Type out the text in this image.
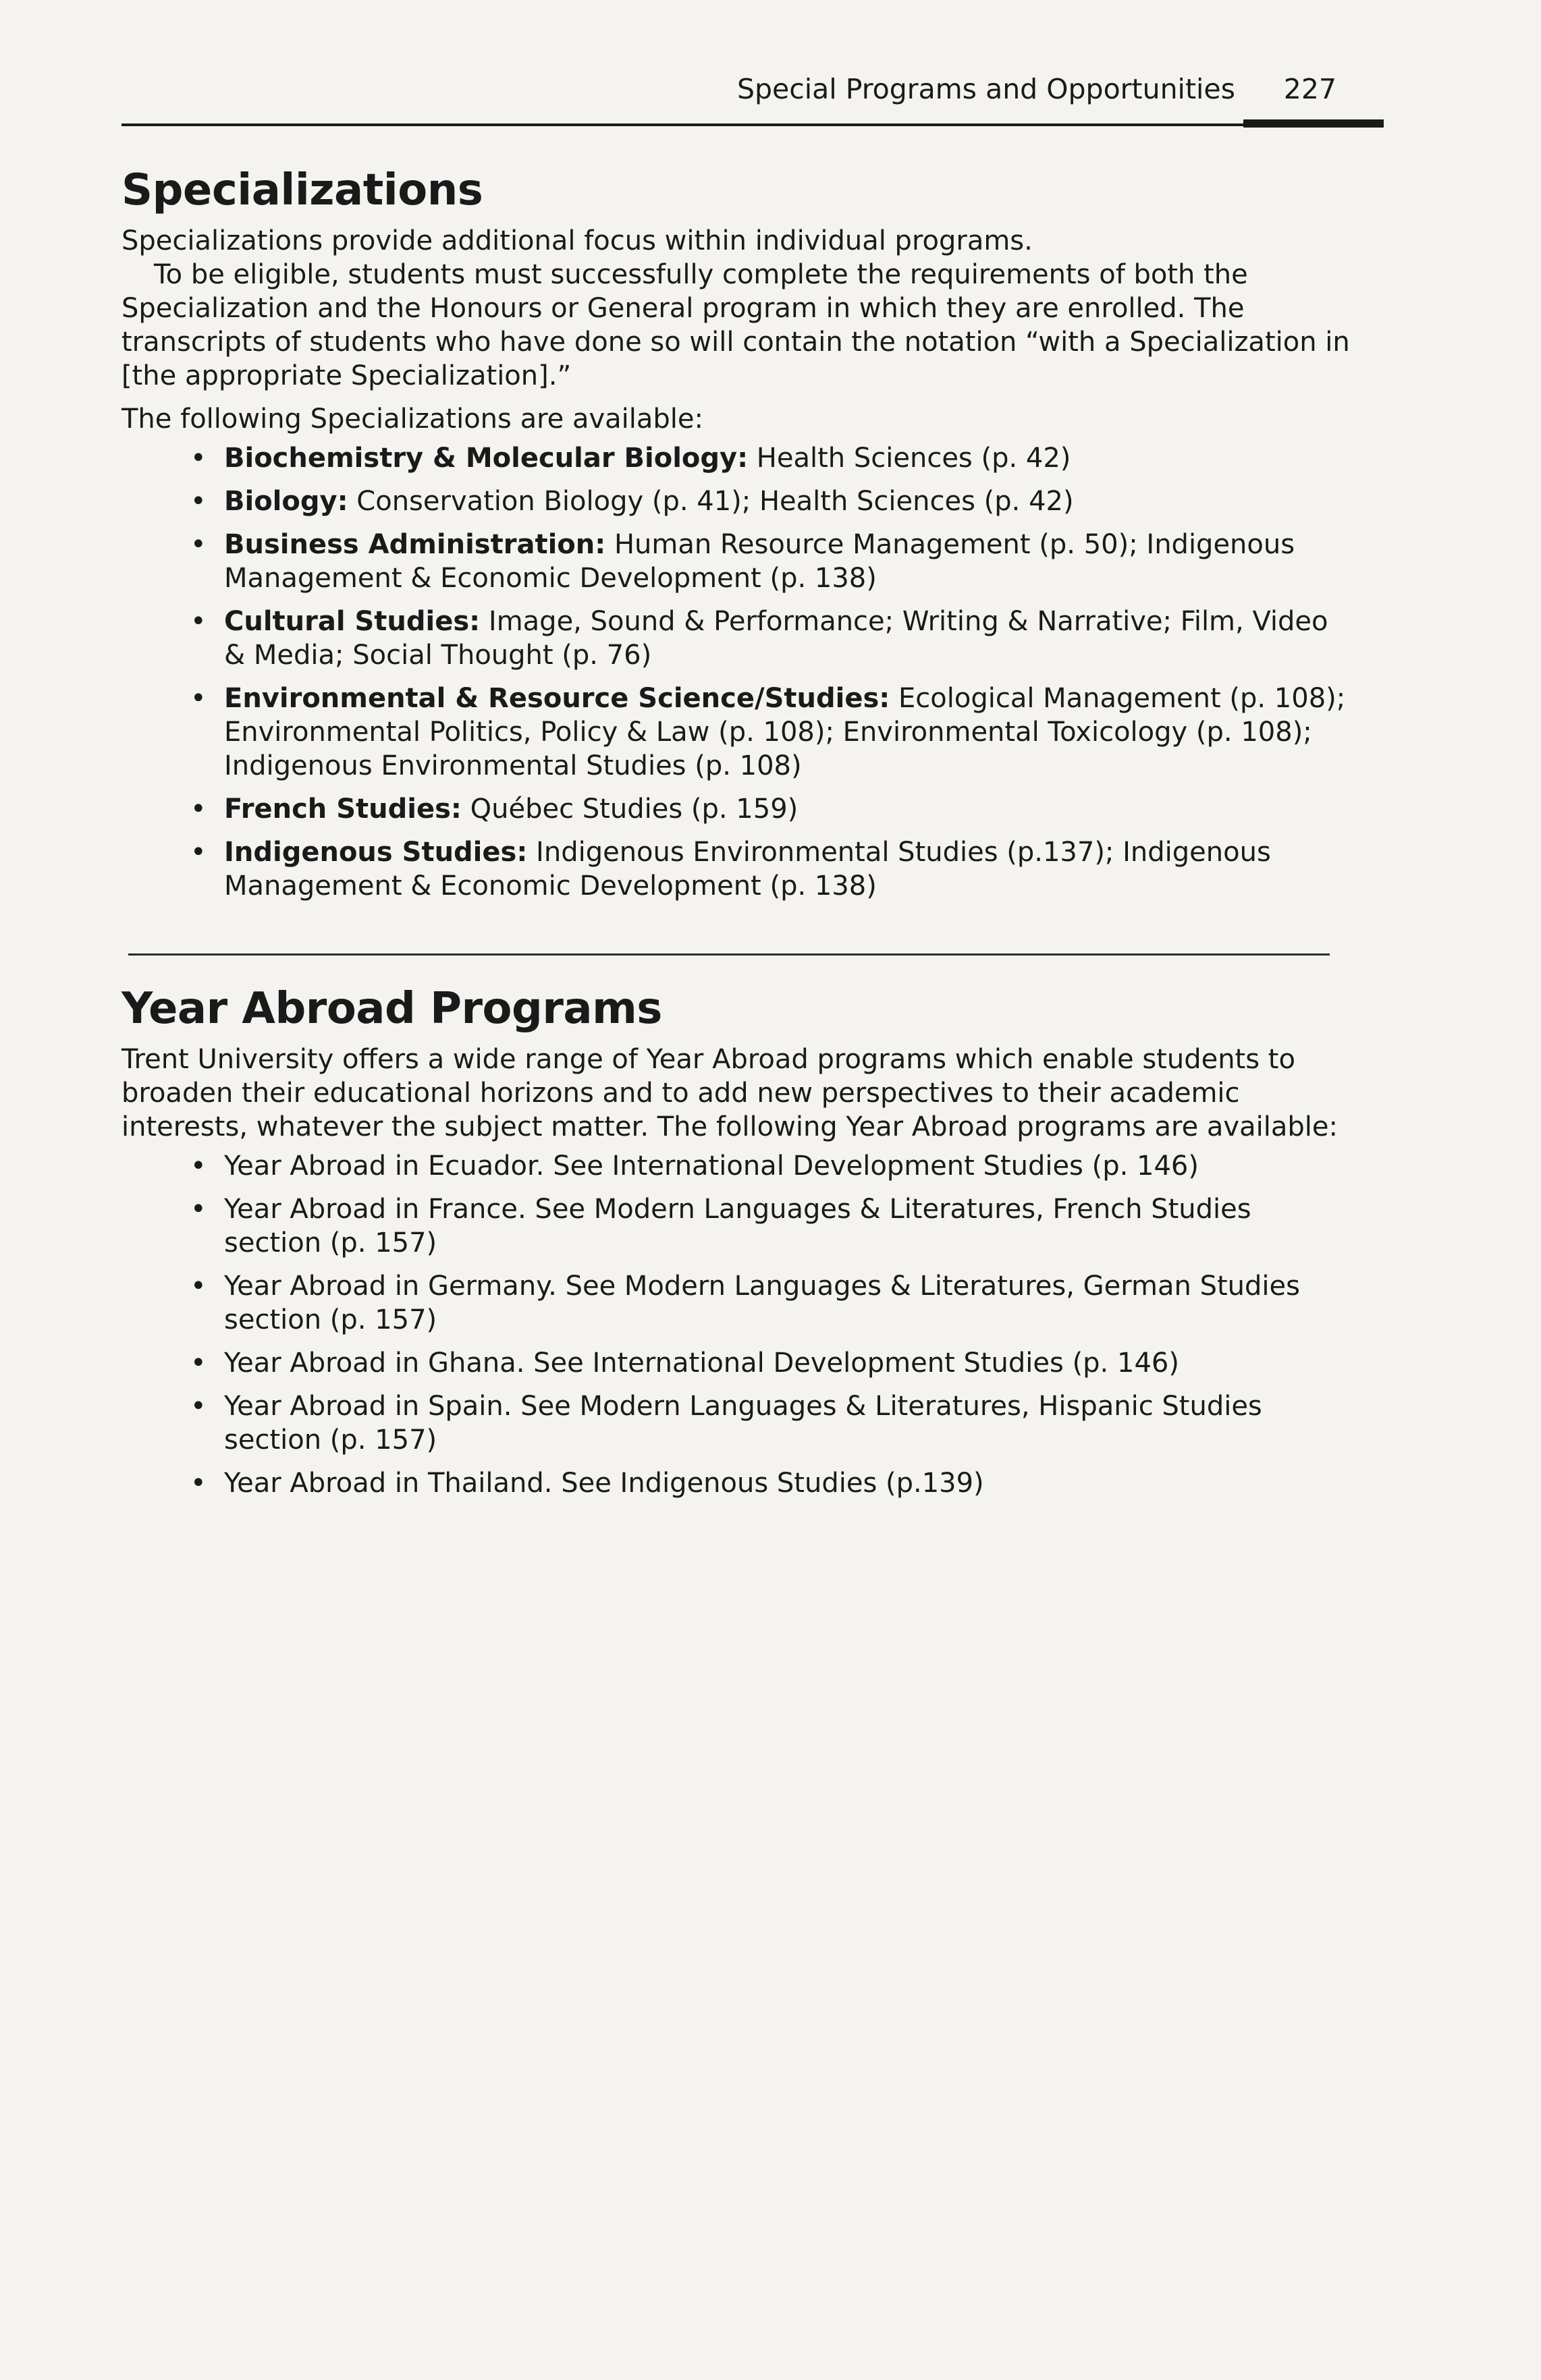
Special Programs and Opportunities 227
Specializations

Specializations provide additional focus within individual programs.

To be eligible, students must successfully complete the requirements of both the Specialization and the Honours or General program in which they are enrolled. The transcripts of students who have done so will contain the notation “with a Specialization in [the appropriate Specialization].”

The following Specializations are available:

• Biochemistry & Molecular Biology: Health Sciences (p. 42)
• Biology: Conservation Biology (p. 41); Health Sciences (p. 42)
• Business Administration: Human Resource Management (p. 50); Indigenous Management & Economic Development (p. 138)
• Cultural Studies: Image, Sound & Performance; Writing & Narrative; Film, Video & Media; Social Thought (p. 76)
• Environmental & Resource Science/Studies: Ecological Management (p. 108); Environmental Politics, Policy & Law (p. 108); Environmental Toxicology (p. 108); Indigenous Environmental Studies (p. 108)
• French Studies: Québec Studies (p. 159)
• Indigenous Studies: Indigenous Environmental Studies (p.137); Indigenous Management & Economic Development (p. 138)
Year Abroad Programs

Trent University offers a wide range of Year Abroad programs which enable students to broaden their educational horizons and to add new perspectives to their academic interests, whatever the subject matter. The following Year Abroad programs are available:

• Year Abroad in Ecuador. See International Development Studies (p. 146)
• Year Abroad in France. See Modern Languages & Literatures, French Studies section (p. 157)
• Year Abroad in Germany. See Modern Languages & Literatures, German Studies section (p. 157)
• Year Abroad in Ghana. See International Development Studies (p. 146)
• Year Abroad in Spain. See Modern Languages & Literatures, Hispanic Studies section (p. 157)
• Year Abroad in Thailand. See Indigenous Studies (p.139)
